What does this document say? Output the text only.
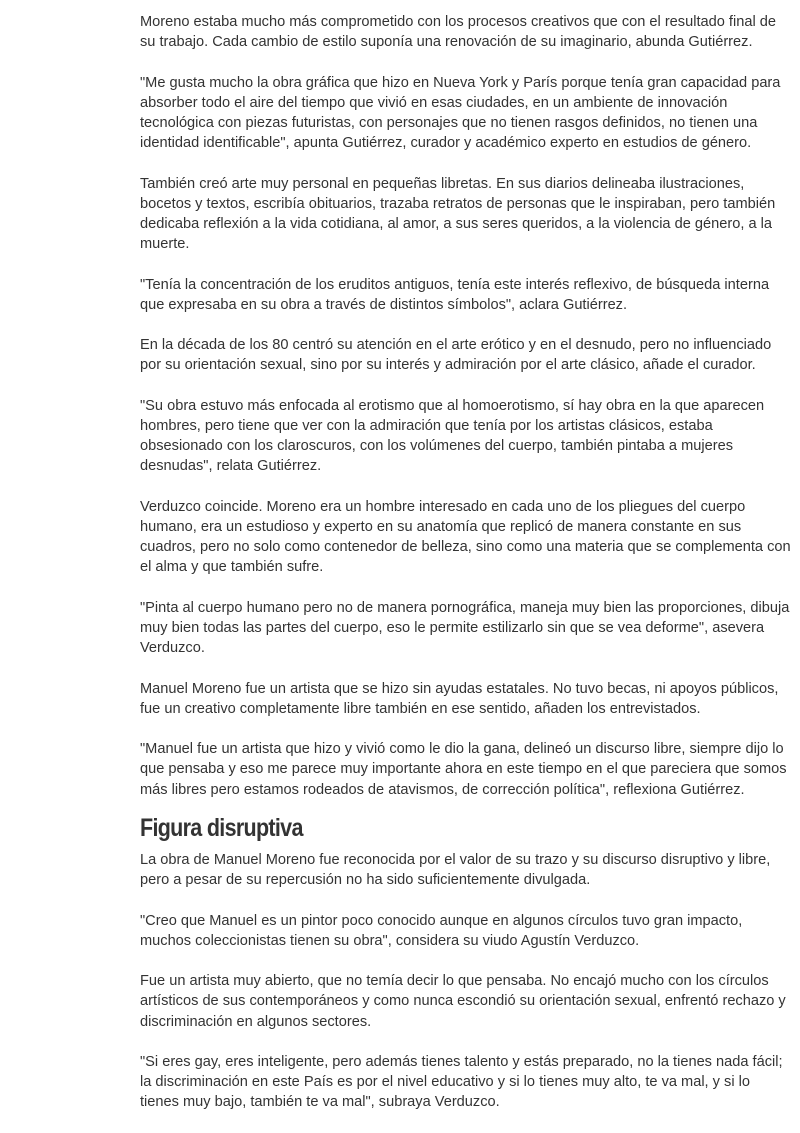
Moreno estaba mucho más comprometido con los procesos creativos que con el resultado final de su trabajo. Cada cambio de estilo suponía una renovación de su imaginario, abunda Gutiérrez.

"Me gusta mucho la obra gráfica que hizo en Nueva York y París porque tenía gran capacidad para absorber todo el aire del tiempo que vivió en esas ciudades, en un ambiente de innovación tecnológica con piezas futuristas, con personajes que no tienen rasgos definidos, no tienen una identidad identificable", apunta Gutiérrez, curador y académico experto en estudios de género.

También creó arte muy personal en pequeñas libretas. En sus diarios delineaba ilustraciones, bocetos y textos, escribía obituarios, trazaba retratos de personas que le inspiraban, pero también dedicaba reflexión a la vida cotidiana, al amor, a sus seres queridos, a la violencia de género, a la muerte.

"Tenía la concentración de los eruditos antiguos, tenía este interés reflexivo, de búsqueda interna que expresaba en su obra a través de distintos símbolos", aclara Gutiérrez.

En la década de los 80 centró su atención en el arte erótico y en el desnudo, pero no influenciado por su orientación sexual, sino por su interés y admiración por el arte clásico, añade el curador.

"Su obra estuvo más enfocada al erotismo que al homoerotismo, sí hay obra en la que aparecen hombres, pero tiene que ver con la admiración que tenía por los artistas clásicos, estaba obsesionado con los claroscuros, con los volúmenes del cuerpo, también pintaba a mujeres desnudas", relata Gutiérrez.

Verduzco coincide. Moreno era un hombre interesado en cada uno de los pliegues del cuerpo humano, era un estudioso y experto en su anatomía que replicó de manera constante en sus cuadros, pero no solo como contenedor de belleza, sino como una materia que se complementa con el alma y que también sufre.

"Pinta al cuerpo humano pero no de manera pornográfica, maneja muy bien las proporciones, dibuja muy bien todas las partes del cuerpo, eso le permite estilizarlo sin que se vea deforme", asevera Verduzco.

Manuel Moreno fue un artista que se hizo sin ayudas estatales. No tuvo becas, ni apoyos públicos, fue un creativo completamente libre también en ese sentido, añaden los entrevistados.

"Manuel fue un artista que hizo y vivió como le dio la gana, delineó un discurso libre, siempre dijo lo que pensaba y eso me parece muy importante ahora en este tiempo en el que pareciera que somos más libres pero estamos rodeados de atavismos, de corrección política", reflexiona Gutiérrez.

Figura disruptiva

La obra de Manuel Moreno fue reconocida por el valor de su trazo y su discurso disruptivo y libre, pero a pesar de su repercusión no ha sido suficientemente divulgada.

"Creo que Manuel es un pintor poco conocido aunque en algunos círculos tuvo gran impacto, muchos coleccionistas tienen su obra", considera su viudo Agustín Verduzco.

Fue un artista muy abierto, que no temía decir lo que pensaba. No encajó mucho con los círculos artísticos de sus contemporáneos y como nunca escondió su orientación sexual, enfrentó rechazo y discriminación en algunos sectores.

"Si eres gay, eres inteligente, pero además tienes talento y estás preparado, no la tienes nada fácil; la discriminación en este País es por el nivel educativo y si lo tienes muy alto, te va mal, y si lo tienes muy bajo, también te va mal", subraya Verduzco.
